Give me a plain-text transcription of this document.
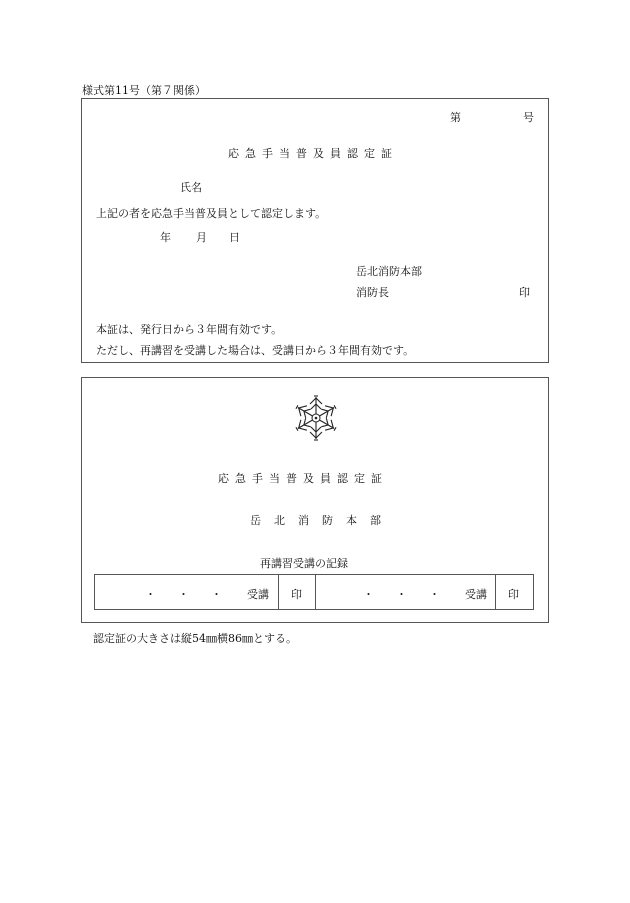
様式第11号（第７関係）
第	号
応急手当普及員認定証
氏名
上記の者を応急手当普及員として認定します。
年 月 日
岳北消防本部
消防長	印
本証は、発行日から３年間有効です。
ただし、再講習を受講した場合は、受講日から３年間有効です。
応急手当普及員認定証
岳北消防本部
再講習受講の記録
・　　・　　・ 受講 印	・　　・　　・ 受講 印
認定証の大きさは縦54㎜横86㎜とする。
